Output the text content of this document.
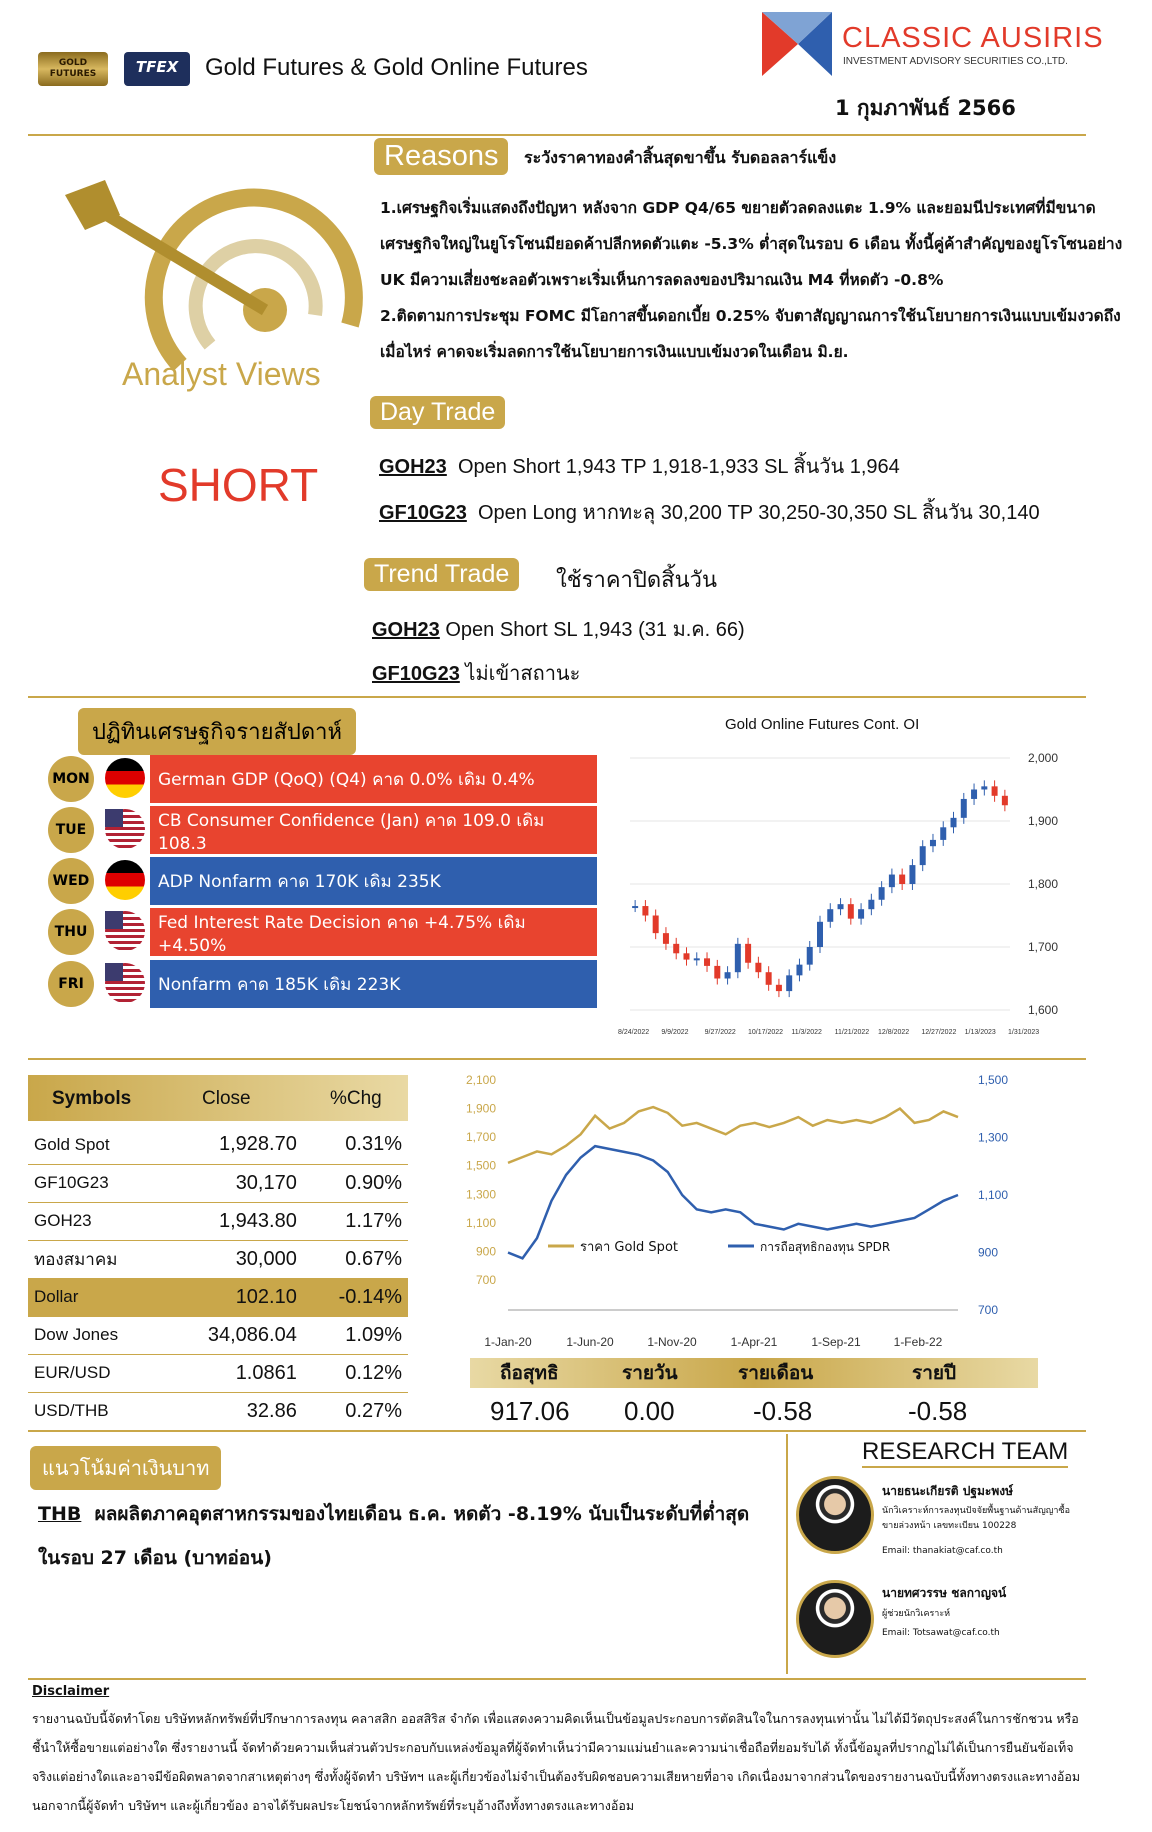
GOLD FUTURES	TFEX	Gold Futures & Gold Online Futures
CLASSIC AUSIRIS
INVESTMENT ADVISORY SECURITIES CO.,LTD.
1 กุมภาพันธ์ 2566
Analyst Views
SHORT
Reasons	ระวังราคาทองคำสิ้นสุดขาขึ้น รับดอลลาร์แข็ง
1.เศรษฐกิจเริ่มแสดงถึงปัญหา หลังจาก GDP Q4/65 ขยายตัวลดลงแตะ 1.9% และยอมนีประเทศที่มีขนาดเศรษฐกิจใหญ่ในยูโรโซนมียอดค้าปลีกหดตัวแตะ -5.3% ต่ำสุดในรอบ 6 เดือน ทั้งนี้คู่ค้าสำคัญของยูโรโซนอย่าง UK มีความเสี่ยงชะลอตัวเพราะเริ่มเห็นการลดลงของปริมาณเงิน M4 ที่หดตัว -0.8%
2.ติดตามการประชุม FOMC มีโอกาสขึ้นดอกเบี้ย 0.25% จับตาสัญญาณการใช้นโยบายการเงินแบบเข้มงวดถึงเมื่อไหร่ คาดจะเริ่มลดการใช้นโยบายการเงินแบบเข้มงวดในเดือน มิ.ย.
Day Trade
GOH23 Open Short 1,943 TP 1,918-1,933 SL สิ้นวัน 1,964
GF10G23 Open Long หากทะลุ 30,200 TP 30,250-30,350 SL สิ้นวัน 30,140
Trend Trade	ใช้ราคาปิดสิ้นวัน
GOH23 Open Short SL 1,943 (31 ม.ค. 66)
GF10G23 ไม่เข้าสถานะ
ปฏิทินเศรษฐกิจรายสัปดาห์
MON	German GDP (QoQ) (Q4) คาด 0.0% เดิม 0.4%
TUE	CB Consumer Confidence (Jan) คาด 109.0 เดิม 108.3
WED	ADP Nonfarm คาด 170K เดิม 235K
THU	Fed Interest Rate Decision คาด +4.75% เดิม +4.50%
FRI	Nonfarm คาด 185K เดิม 223K
Gold Online Futures Cont. OI
2,000
1,900
1,800
1,700
1,600
8/24/2022 9/9/2022 9/27/2022 10/17/2022 11/3/2022 11/21/2022 12/8/2022 12/27/2022 1/13/2023 1/31/2023
Symbols	Close	%Chg
Gold Spot	1,928.70	0.31%
GF10G23	30,170	0.90%
GOH23	1,943.80	1.17%
ทองสมาคม	30,000	0.67%
Dollar	102.10	-0.14%
Dow Jones	34,086.04	1.09%
EUR/USD	1.0861	0.12%
USD/THB	32.86	0.27%
2,100
1,900
1,700
1,500
1,300
1,100
900
700
1,500
1,300
1,100
900
700
1-Jan-20	1-Jun-20	1-Nov-20	1-Apr-21	1-Sep-21	1-Feb-22
ราคา Gold Spot	การถือสุทธิกองทุน SPDR
ถือสุทธิ	รายวัน	รายเดือน	รายปี
917.06 0.00	-0.58	-0.58
แนวโน้มค่าเงินบาท
THB ผลผลิตภาคอุตสาหกรรมของไทยเดือน ธ.ค. หดตัว -8.19% นับเป็นระดับที่ต่ำสุดในรอบ 27 เดือน (บาทอ่อน)
RESEARCH TEAM
นายธนะเกียรติ ปฐมะพงษ์
นักวิเคราะห์การลงทุนปัจจัยพื้นฐานด้านสัญญาซื้อขายล่วงหน้า เลขทะเบียน 100228
Email: thanakiat@caf.co.th
นายทศวรรษ ชลกาญจน์
ผู้ช่วยนักวิเคราะห์
Email: Totsawat@caf.co.th
Disclaimer
รายงานฉบับนี้จัดทำโดย บริษัทหลักทรัพย์ที่ปรึกษาการลงทุน คลาสสิก ออสสิริส จำกัด เพื่อแสดงความคิดเห็นเป็นข้อมูลประกอบการตัดสินใจในการลงทุนเท่านั้น ไม่ได้มีวัตถุประสงค์ในการชักชวน หรือชี้นำให้ซื้อขายแต่อย่างใด ซึ่งรายงานนี้ จัดทำด้วยความเห็นส่วนตัวประกอบกับแหล่งข้อมูลที่ผู้จัดทำเห็นว่ามีความแม่นยำและความน่าเชื่อถือที่ยอมรับได้ ทั้งนี้ข้อมูลที่ปรากฏไม่ได้เป็นการยืนยันข้อเท็จจริงแต่อย่างใดและอาจมีข้อผิดพลาดจากสาเหตุต่างๆ ซึ่งทั้งผู้จัดทำ บริษัทฯ และผู้เกี่ยวข้องไม่จำเป็นต้องรับผิดชอบความเสียหายที่อาจ เกิดเนื่องมาจากส่วนใดของรายงานฉบับนี้ทั้งทางตรงและทางอ้อม นอกจากนี้ผู้จัดทำ บริษัทฯ และผู้เกี่ยวข้อง อาจได้รับผลประโยชน์จากหลักทรัพย์ที่ระบุอ้างถึงทั้งทางตรงและทางอ้อม
